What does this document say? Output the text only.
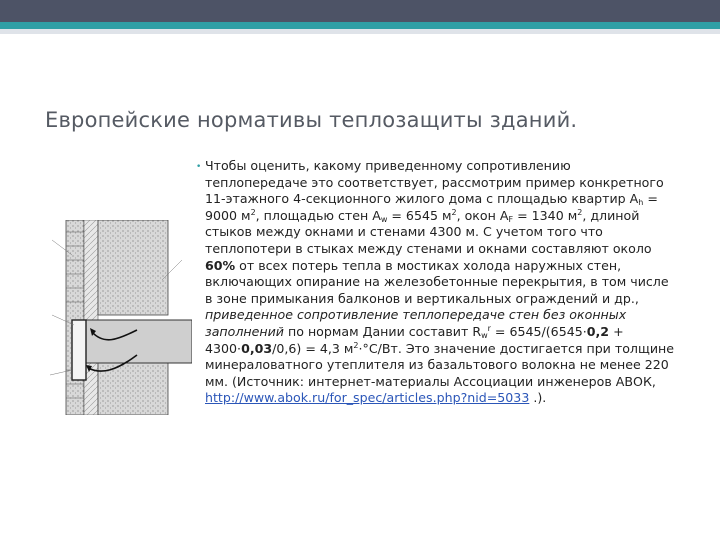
Европейские нормативы теплозащиты зданий.
• Чтобы оценить, какому приведенному сопротивлению теплопередаче это соответствует, рассмотрим пример конкретного 11-этажного 4-секционного жилого дома с площадью квартир $А_h = 9000$ $м^2$, площадью стен $А_w = 6545$ $м^2$, окон $А_F = 1340$ $м^2$, длиной стыков между окнами и стенами 4300 м. С учетом того что теплопотери в стыках между стенами и окнами составляют около 60% от всех потерь тепла в мостиках холода наружных стен, включающих опирание на железобетонные перекрытия, в том числе в зоне примыкания балконов и вертикальных ограждений и др., приведенное сопротивление теплопередаче стен без оконных заполнений по нормам Дании составит $R_w^r = 6545/(6545\cdot 0,2 + 4300\cdot 0,03/0,6) = 4,3$ $м^2\cdot^\circ С/Вт$. Это значение достигается при толщине минераловатного утеплителя из базальтового волокна не менее 220 мм. (Источник: интернет-материалы Ассоциации инженеров АВОК, http://www.abok.ru/for_spec/articles.php?nid=5033 .).
